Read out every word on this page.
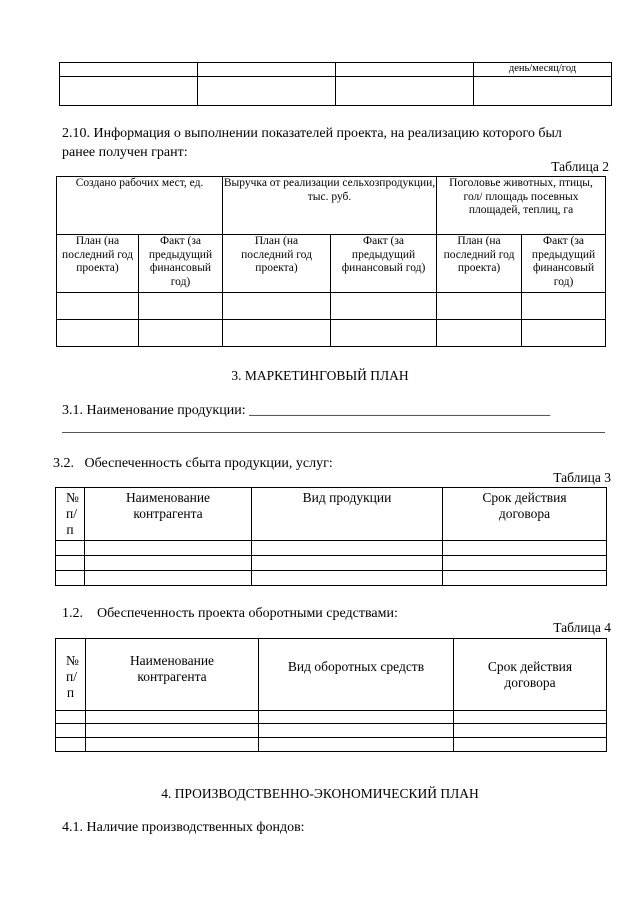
			день/месяц/год

2.10. Информация о выполнении показателей проекта, на реализацию которого был
ранее получен грант:
Таблица 2
Создано рабочих мест, ед.		Выручка от реализации сельхозпродукции, тыс. руб.		Поголовье животных, птицы, гол/ площадь посевных площадей, теплиц, га	
План (на последний год проекта)	Факт (за предыдущий финансовый год)	План (на последний год проекта)	Факт (за предыдущий финансовый год)	План (на последний год проекта)	Факт (за предыдущий финансовый год)

3. МАРКЕТИНГОВЫЙ ПЛАН
3.1. Наименование продукции: ___________________________________________
3.2.   Обеспеченность сбыта продукции, услуг:
Таблица 3
№ п/п	Наименование контрагента	Вид продукции	Срок действия договора

1.2.    Обеспеченность проекта оборотными средствами:
Таблица 4
№ п/п	Наименование контрагента	Вид оборотных средств	Срок действия договора

4. ПРОИЗВОДСТВЕННО-ЭКОНОМИЧЕСКИЙ ПЛАН
4.1. Наличие производственных фондов:
